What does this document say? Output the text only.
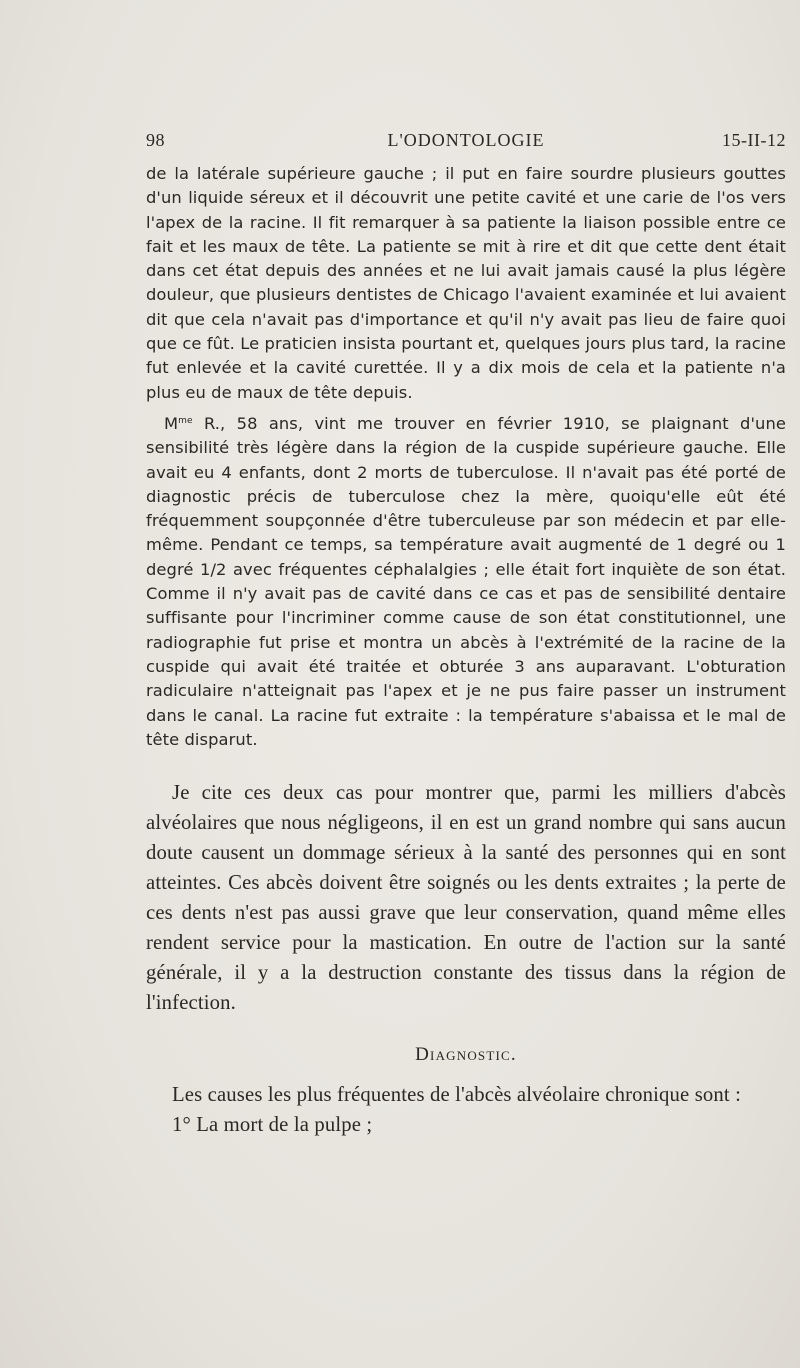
98	L'ODONTOLOGIE	15-II-12

de la latérale supérieure gauche ; il put en faire sourdre plusieurs gouttes d'un liquide séreux et il découvrit une petite cavité et une carie de l'os vers l'apex de la racine. Il fit remarquer à sa patiente la liaison possible entre ce fait et les maux de tête. La patiente se mit à rire et dit que cette dent était dans cet état depuis des années et ne lui avait jamais causé la plus légère douleur, que plusieurs dentistes de Chicago l'avaient examinée et lui avaient dit que cela n'avait pas d'importance et qu'il n'y avait pas lieu de faire quoi que ce fût. Le praticien insista pourtant et, quelques jours plus tard, la racine fut enlevée et la cavité curettée. Il y a dix mois de cela et la patiente n'a plus eu de maux de tête depuis.

$M^{me}$ R., 58 ans, vint me trouver en février 1910, se plaignant d'une sensibilité très légère dans la région de la cuspide supérieure gauche. Elle avait eu 4 enfants, dont 2 morts de tuberculose. Il n'avait pas été porté de diagnostic précis de tuberculose chez la mère, quoiqu'elle eût été fréquemment soupçonnée d'être tuberculeuse par son médecin et par elle-même. Pendant ce temps, sa température avait augmenté de 1 degré ou 1 degré 1/2 avec fréquentes céphalalgies ; elle était fort inquiète de son état. Comme il n'y avait pas de cavité dans ce cas et pas de sensibilité dentaire suffisante pour l'incriminer comme cause de son état constitutionnel, une radiographie fut prise et montra un abcès à l'extrémité de la racine de la cuspide qui avait été traitée et obturée 3 ans auparavant. L'obturation radiculaire n'atteignait pas l'apex et je ne pus faire passer un instrument dans le canal. La racine fut extraite : la température s'abaissa et le mal de tête disparut.

Je cite ces deux cas pour montrer que, parmi les milliers d'abcès alvéolaires que nous négligeons, il en est un grand nombre qui sans aucun doute causent un dommage sérieux à la santé des personnes qui en sont atteintes. Ces abcès doivent être soignés ou les dents extraites ; la perte de ces dents n'est pas aussi grave que leur conservation, quand même elles rendent service pour la mastication. En outre de l'action sur la santé générale, il y a la destruction constante des tissus dans la région de l'infection.

Diagnostic.

Les causes les plus fréquentes de l'abcès alvéolaire chronique sont :

1° La mort de la pulpe ;
